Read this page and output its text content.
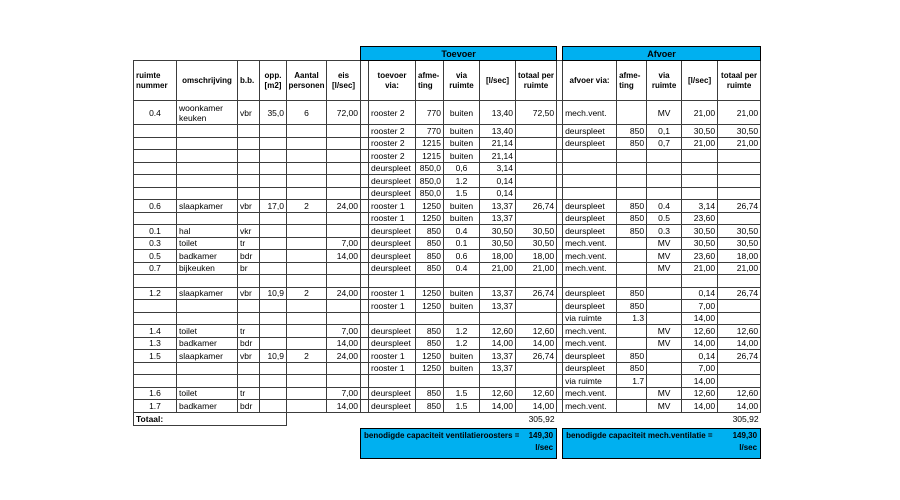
						Toevoer							Afvoer				
ruimte nummer	omschrijving	b.b.	opp. [m2]	Aantal personen	eis [l/sec]		toevoer via:	afme-ting	via ruimte	[l/sec]	totaal per ruimte		afvoer via:	afme-ting	via ruimte	[l/sec]	totaal per ruimte
0.4	woonkamer keuken	vbr	35,0	6	72,00		rooster 2	770	buiten	13,40	72,50		mech.vent.		MV	21,00	21,00
							rooster 2	770	buiten	13,40			deurspleet	850	0,1	30,50	30,50
							rooster 2	1215	buiten	21,14			deurspleet	850	0,7	21,00	21,00
							rooster 2	1215	buiten	21,14							
							deurspleet	850,0	0,6	3,14							
							deurspleet	850,0	1.2	0,14							
							deurspleet	850,0	1.5	0,14							
0.6	slaapkamer	vbr	17,0	2	24,00		rooster 1	1250	buiten	13,37	26,74		deurspleet	850	0.4	3,14	26,74
							rooster 1	1250	buiten	13,37			deurspleet	850	0.5	23,60	
0.1	hal	vkr					deurspleet	850	0.4	30,50	30,50		deurspleet	850	0.3	30,50	30,50
0.3	toilet	tr			7,00		deurspleet	850	0.1	30,50	30,50		mech.vent.		MV	30,50	30,50
0.5	badkamer	bdr			14,00		deurspleet	850	0.6	18,00	18,00		mech.vent.		MV	23,60	18,00
0.7	bijkeuken	br					deurspleet	850	0.4	21,00	21,00		mech.vent.		MV	21,00	21,00

1.2	slaapkamer	vbr	10,9	2	24,00		rooster 1	1250	buiten	13,37	26,74		deurspleet	850		0,14	26,74
							rooster 1	1250	buiten	13,37			deurspleet	850		7,00	
													via ruimte	1.3		14,00	
1.4	toilet	tr			7,00		deurspleet	850	1.2	12,60	12,60		mech.vent.		MV	12,60	12,60
1.3	badkamer	bdr			14,00		deurspleet	850	1.2	14,00	14,00		mech.vent.		MV	14,00	14,00
1.5	slaapkamer	vbr	10,9	2	24,00		rooster 1	1250	buiten	13,37	26,74		deurspleet	850		0,14	26,74
							rooster 1	1250	buiten	13,37			deurspleet	850		7,00	
													via ruimte	1.7		14,00	
1.6	toilet	tr			7,00		deurspleet	850	1.5	12,60	12,60		mech.vent.		MV	12,60	12,60
1.7	badkamer	bdr			14,00		deurspleet	850	1.5	14,00	14,00		mech.vent.		MV	14,00	14,00
Totaal:											305,92						305,92

benodigde capaciteit ventilatieroosters = 149,30
l/sec

benodigde capaciteit mech.ventilatie =	149,30
l/sec
